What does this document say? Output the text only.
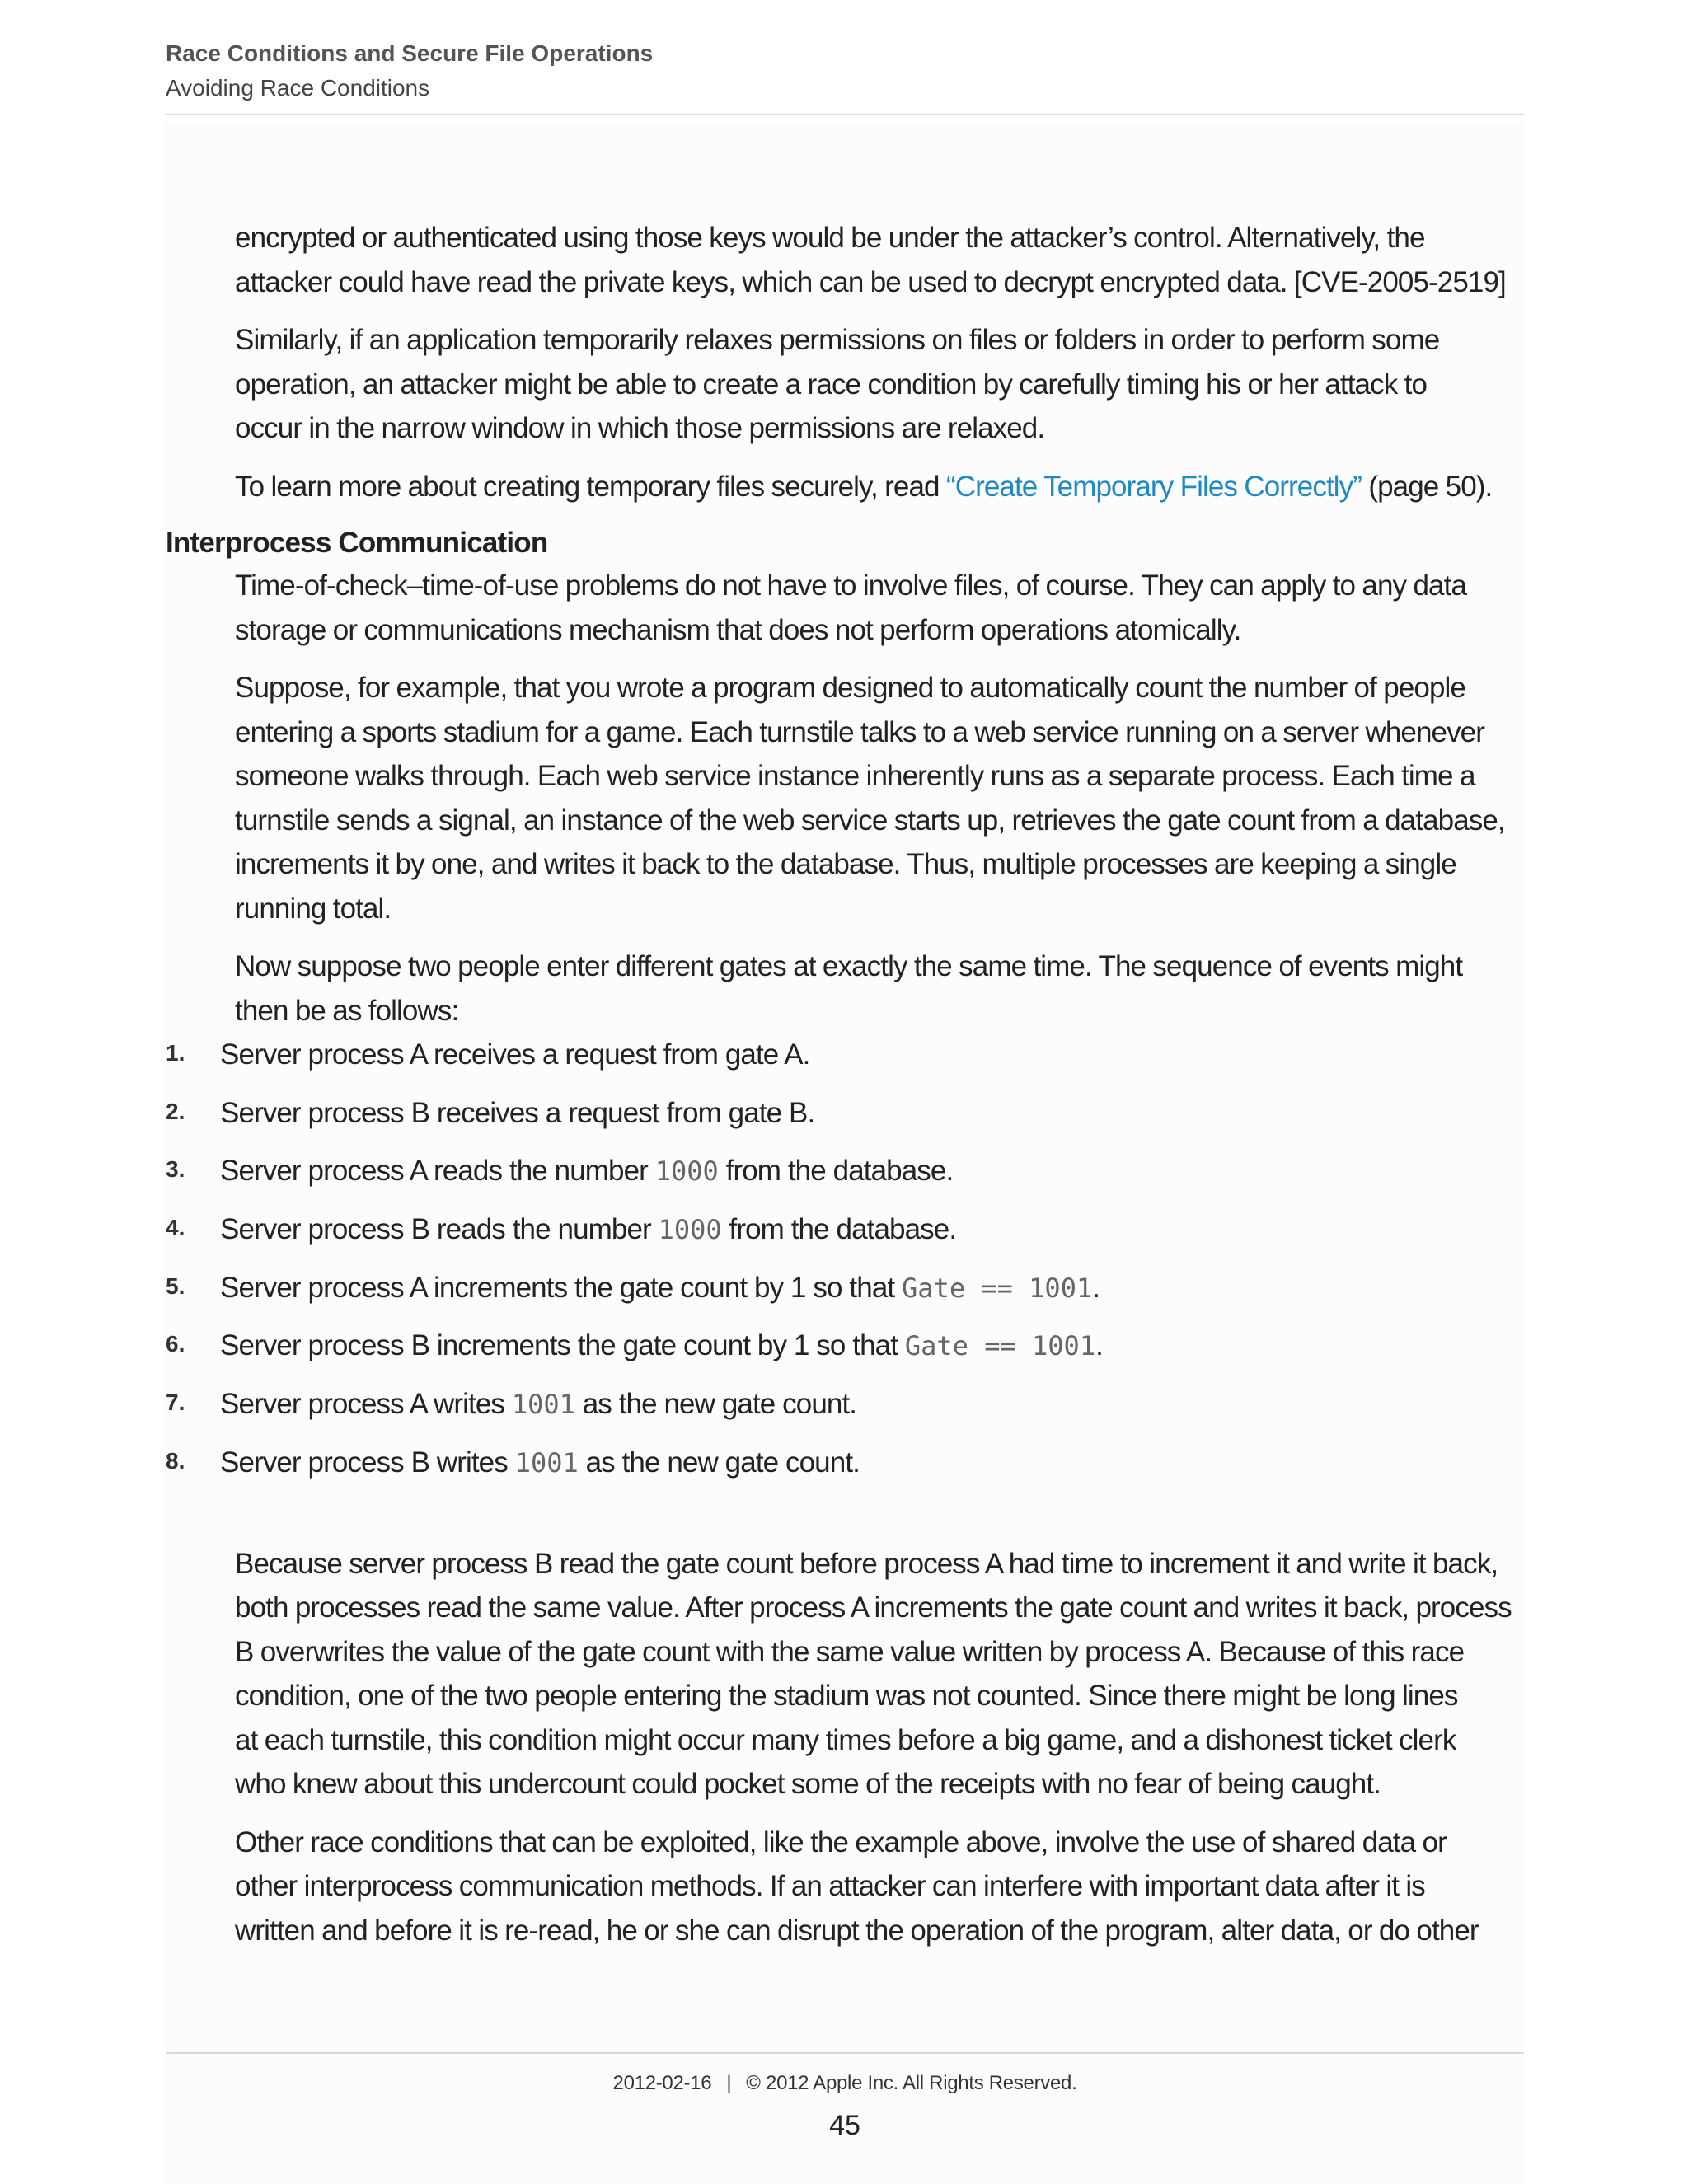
Race Conditions and Secure File Operations
Avoiding Race Conditions

encrypted or authenticated using those keys would be under the attacker’s control. Alternatively, the
attacker could have read the private keys, which can be used to decrypt encrypted data. [CVE-2005-2519]

Similarly, if an application temporarily relaxes permissions on files or folders in order to perform some
operation, an attacker might be able to create a race condition by carefully timing his or her attack to
occur in the narrow window in which those permissions are relaxed.

To learn more about creating temporary files securely, read “Create Temporary Files Correctly” (page 50).

Interprocess Communication

Time-of-check–time-of-use problems do not have to involve files, of course. They can apply to any data
storage or communications mechanism that does not perform operations atomically.

Suppose, for example, that you wrote a program designed to automatically count the number of people
entering a sports stadium for a game. Each turnstile talks to a web service running on a server whenever
someone walks through. Each web service instance inherently runs as a separate process. Each time a
turnstile sends a signal, an instance of the web service starts up, retrieves the gate count from a database,
increments it by one, and writes it back to the database. Thus, multiple processes are keeping a single
running total.

Now suppose two people enter different gates at exactly the same time. The sequence of events might
then be as follows:

1. Server process A receives a request from gate A.
2. Server process B receives a request from gate B.
3. Server process A reads the number 1000 from the database.
4. Server process B reads the number 1000 from the database.
5. Server process A increments the gate count by 1 so that Gate == 1001.
6. Server process B increments the gate count by 1 so that Gate == 1001.
7. Server process A writes 1001 as the new gate count.
8. Server process B writes 1001 as the new gate count.

Because server process B read the gate count before process A had time to increment it and write it back,
both processes read the same value. After process A increments the gate count and writes it back, process
B overwrites the value of the gate count with the same value written by process A. Because of this race
condition, one of the two people entering the stadium was not counted. Since there might be long lines
at each turnstile, this condition might occur many times before a big game, and a dishonest ticket clerk
who knew about this undercount could pocket some of the receipts with no fear of being caught.

Other race conditions that can be exploited, like the example above, involve the use of shared data or
other interprocess communication methods. If an attacker can interfere with important data after it is
written and before it is re-read, he or she can disrupt the operation of the program, alter data, or do other

2012-02-16 | © 2012 Apple Inc. All Rights Reserved.
45
